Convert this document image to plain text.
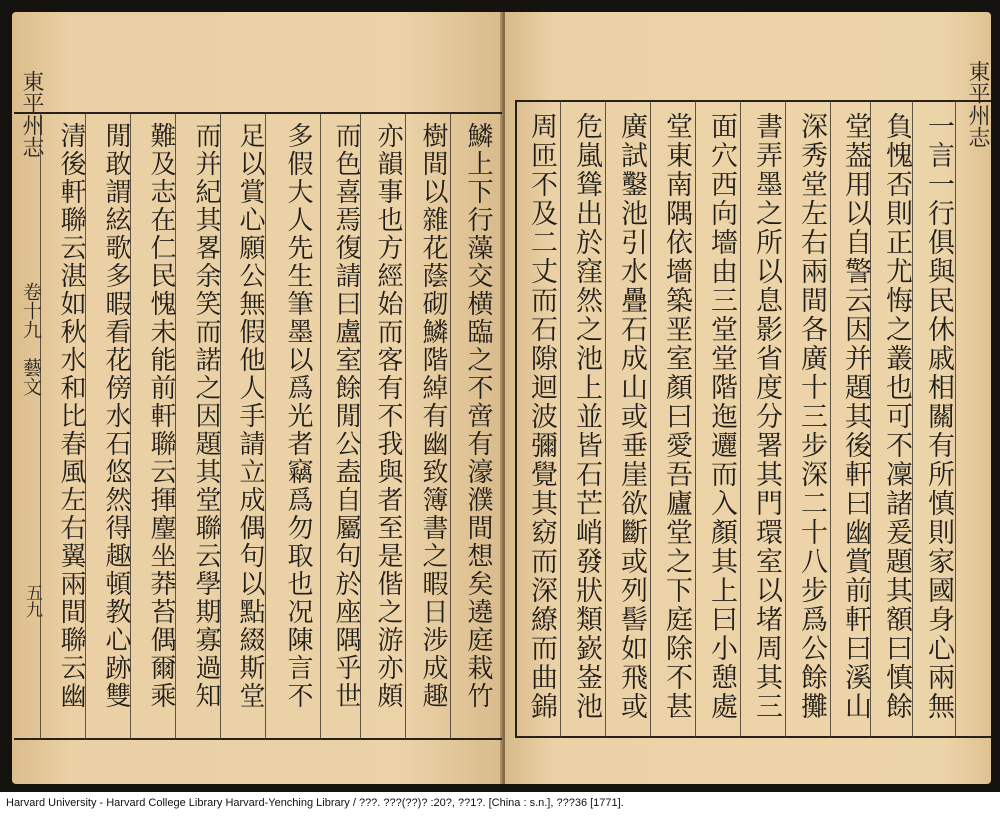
東平州志
卷十九　藝文
五九	鱗上下行藻交横臨之不啻有濠濮間想矣遶庭栽竹
樹間以雜花蔭砌鱗階綽有幽致簿書之暇日涉成趣
亦韻事也方經始而客有不我與者至是偕之游亦頗
而色喜焉復請曰盧室餘閒公盍自屬句於座隅乎世
多假大人先生筆墨以爲光者竊爲勿取也况陳言不
足以賞心願公無假他人手請立成偶句以點綴斯堂
而并紀其畧余笑而諾之因題其堂聯云學期寡過知
難及志在仁民愧未能前軒聯云揮麈坐莽苔偶爾乘
閒敢謂絃歌多暇看花傍水石悠然得趣頓教心跡雙
清後軒聯云湛如秋水和比春風左右翼兩間聯云幽
東平州志
一言一行俱與民休戚相關有所慎則家國身心兩無
負愧否則正尤悔之叢也可不凜諸爰題其額曰慎餘
堂葢用以自警云因并題其後軒曰幽賞前軒曰溪山
深秀堂左右兩間各廣十三步深二十八步爲公餘攤
書弄墨之所以息影省度分署其門環室以堵周其三
面穴西向墻由三堂堂階迤邐而入顏其上曰小憩處
堂東南隅依墻築垩室顏曰愛吾廬堂之下庭除不甚
廣試鑿池引水疊石成山或垂崖欲斷或列髻如飛或
危嵐聳出於窪然之池上並皆石芒峭發狀類嶔崟池
周匝不及二丈而石隙迴波彌覺其窈而深繚而曲錦
Harvard University - Harvard College Library Harvard-Yenching Library / ???. ???(??)? :20?, ??1?. [China : s.n.], ???36 [1771].
